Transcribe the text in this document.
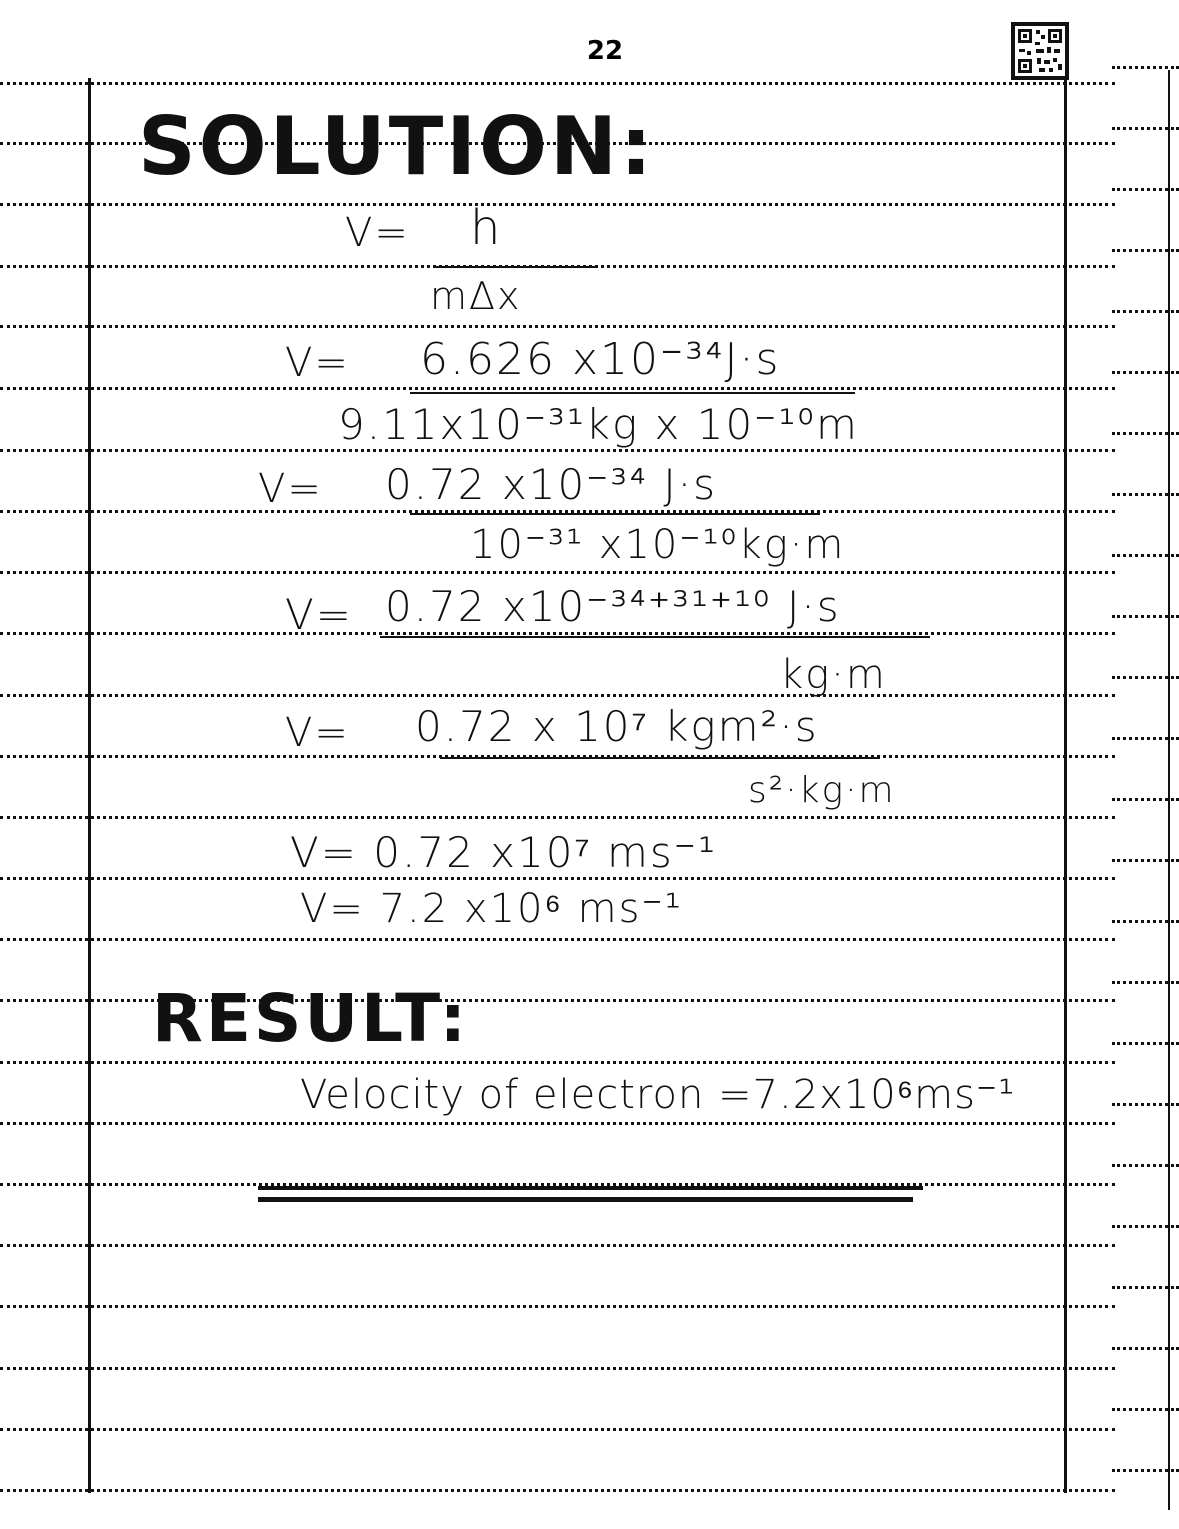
22
SOLUTION:
V= h
m∆x
V= 6.626 x10⁻³⁴J·s
9.11x10⁻³¹kg x 10⁻¹⁰m
V= 0.72 x10⁻³⁴ J·s
10⁻³¹ x10⁻¹⁰kg·m
V= 0.72 x10⁻³⁴⁺³¹⁺¹⁰ J·s
kg·m
V= 0.72 x 10⁷ kgm²·s
s²·kg·m
V= 0.72 x10⁷ ms⁻¹
V= 7.2 x10⁶ ms⁻¹
RESULT:
Velocity of electron =7.2x10⁶ms⁻¹
